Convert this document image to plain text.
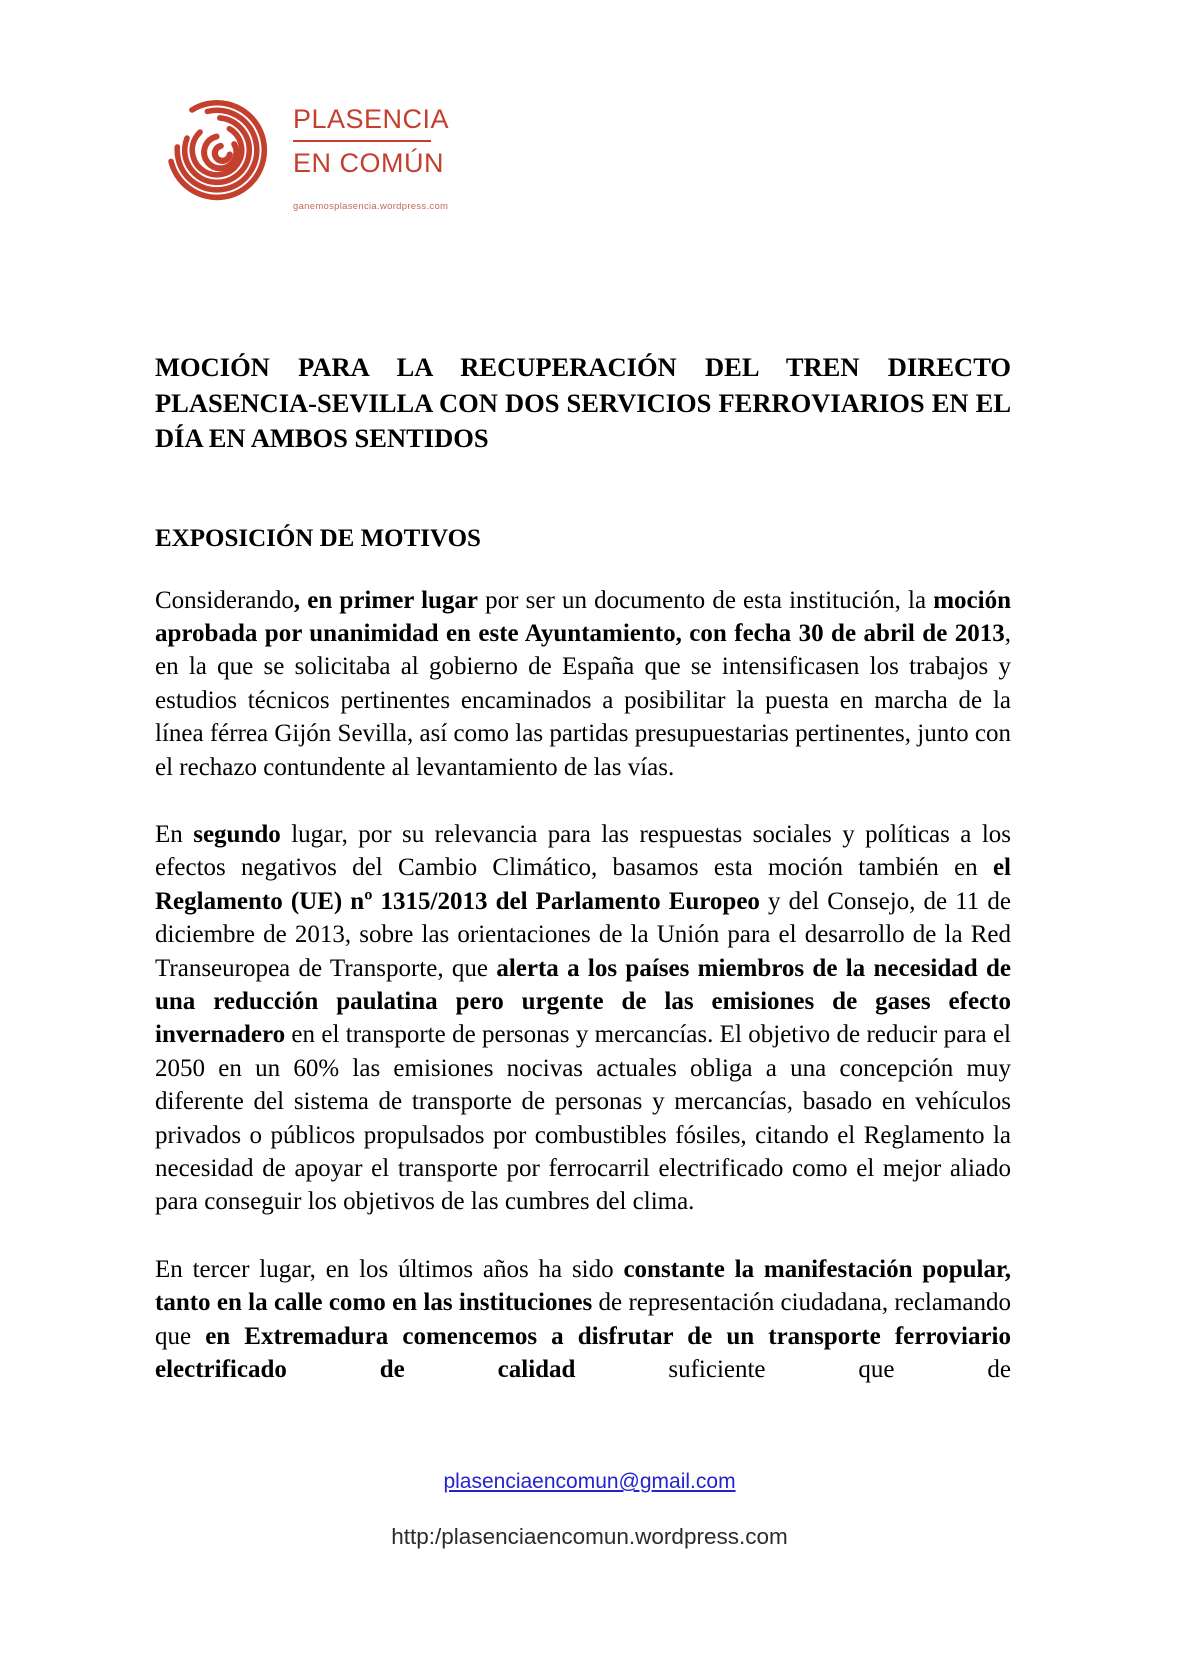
PLASENCIA
EN COMÚN
ganemosplasencia.wordpress.com

MOCIÓN PARA LA RECUPERACIÓN DEL TREN DIRECTO PLASENCIA-SEVILLA CON DOS SERVICIOS FERROVIARIOS EN EL DÍA EN AMBOS SENTIDOS

EXPOSICIÓN DE MOTIVOS

Considerando, en primer lugar por ser un documento de esta institución, la moción aprobada por unanimidad en este Ayuntamiento, con fecha 30 de abril de 2013, en la que se solicitaba al gobierno de España que se intensificasen los trabajos y estudios técnicos pertinentes encaminados a posibilitar la puesta en marcha de la línea férrea Gijón Sevilla, así como las partidas presupuestarias pertinentes, junto con el rechazo contundente al levantamiento de las vías.

En segundo lugar, por su relevancia para las respuestas sociales y políticas a los efectos negativos del Cambio Climático, basamos esta moción también en el Reglamento (UE) nº 1315/2013 del Parlamento Europeo y del Consejo, de 11 de diciembre de 2013, sobre las orientaciones de la Unión para el desarrollo de la Red Transeuropea de Transporte, que alerta a los países miembros de la necesidad de una reducción paulatina pero urgente de las emisiones de gases efecto invernadero en el transporte de personas y mercancías. El objetivo de reducir para el 2050 en un 60% las emisiones nocivas actuales obliga a una concepción muy diferente del sistema de transporte de personas y mercancías, basado en vehículos privados o públicos propulsados por combustibles fósiles, citando el Reglamento la necesidad de apoyar el transporte por ferrocarril electrificado como el mejor aliado para conseguir los objetivos de las cumbres del clima.

En tercer lugar, en los últimos años ha sido constante la manifestación popular, tanto en la calle como en las instituciones de representación ciudadana, reclamando que en Extremadura comencemos a disfrutar de un transporte ferroviario electrificado de calidad suficiente que de

plasenciaencomun@gmail.com
http:/plasenciaencomun.wordpress.com
